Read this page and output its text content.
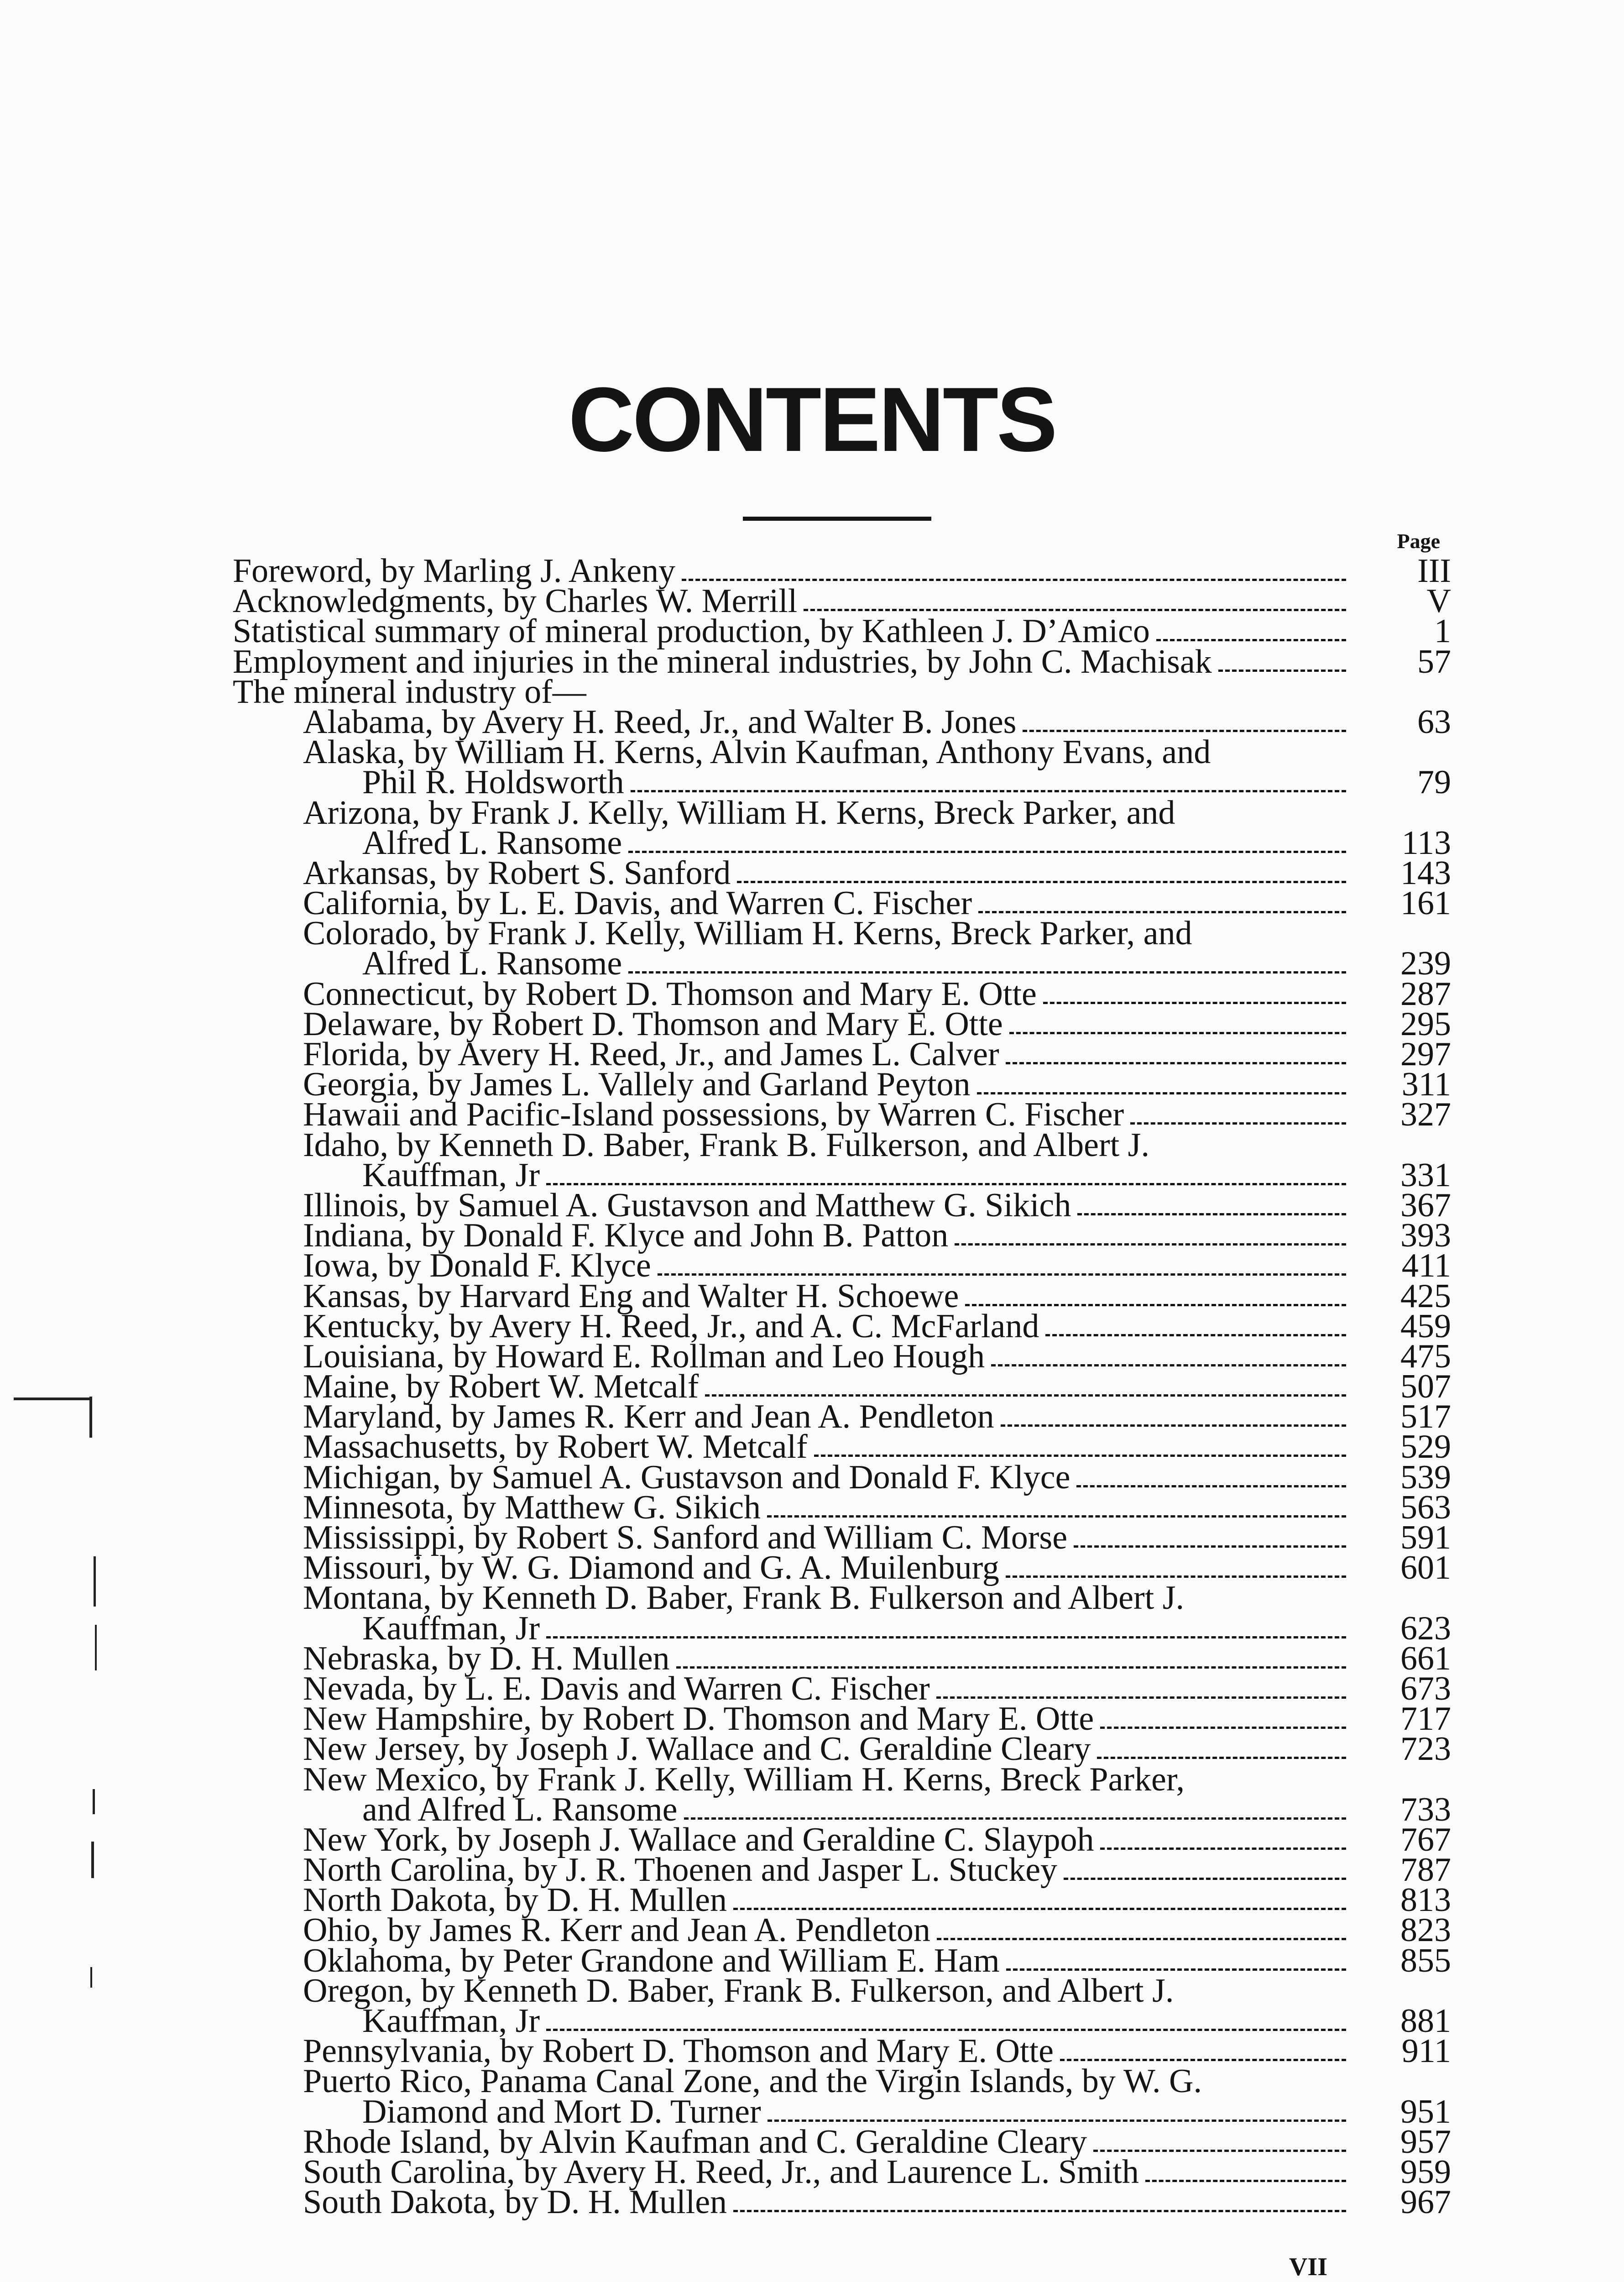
CONTENTS
Page
Foreword, by Marling J. Ankeny	III
Acknowledgments, by Charles W. Merrill	V
Statistical summary of mineral production, by Kathleen J. D’Amico	1
Employment and injuries in the mineral industries, by John C. Machisak	57
The mineral industry of—
Alabama, by Avery H. Reed, Jr., and Walter B. Jones	63
Alaska, by William H. Kerns, Alvin Kaufman, Anthony Evans, and
Phil R. Holdsworth	79
Arizona, by Frank J. Kelly, William H. Kerns, Breck Parker, and
Alfred L. Ransome	113
Arkansas, by Robert S. Sanford	143
California, by L. E. Davis, and Warren C. Fischer	161
Colorado, by Frank J. Kelly, William H. Kerns, Breck Parker, and
Alfred L. Ransome	239
Connecticut, by Robert D. Thomson and Mary E. Otte	287
Delaware, by Robert D. Thomson and Mary E. Otte	295
Florida, by Avery H. Reed, Jr., and James L. Calver	297
Georgia, by James L. Vallely and Garland Peyton	311
Hawaii and Pacific-Island possessions, by Warren C. Fischer	327
Idaho, by Kenneth D. Baber, Frank B. Fulkerson, and Albert J.
Kauffman, Jr	331
Illinois, by Samuel A. Gustavson and Matthew G. Sikich	367
Indiana, by Donald F. Klyce and John B. Patton	393
Iowa, by Donald F. Klyce	411
Kansas, by Harvard Eng and Walter H. Schoewe	425
Kentucky, by Avery H. Reed, Jr., and A. C. McFarland	459
Louisiana, by Howard E. Rollman and Leo Hough	475
Maine, by Robert W. Metcalf	507
Maryland, by James R. Kerr and Jean A. Pendleton	517
Massachusetts, by Robert W. Metcalf	529
Michigan, by Samuel A. Gustavson and Donald F. Klyce	539
Minnesota, by Matthew G. Sikich	563
Mississippi, by Robert S. Sanford and William C. Morse	591
Missouri, by W. G. Diamond and G. A. Muilenburg	601
Montana, by Kenneth D. Baber, Frank B. Fulkerson and Albert J.
Kauffman, Jr	623
Nebraska, by D. H. Mullen	661
Nevada, by L. E. Davis and Warren C. Fischer	673
New Hampshire, by Robert D. Thomson and Mary E. Otte	717
New Jersey, by Joseph J. Wallace and C. Geraldine Cleary	723
New Mexico, by Frank J. Kelly, William H. Kerns, Breck Parker,
and Alfred L. Ransome	733
New York, by Joseph J. Wallace and Geraldine C. Slaypoh	767
North Carolina, by J. R. Thoenen and Jasper L. Stuckey	787
North Dakota, by D. H. Mullen	813
Ohio, by James R. Kerr and Jean A. Pendleton	823
Oklahoma, by Peter Grandone and William E. Ham	855
Oregon, by Kenneth D. Baber, Frank B. Fulkerson, and Albert J.
Kauffman, Jr	881
Pennsylvania, by Robert D. Thomson and Mary E. Otte	911
Puerto Rico, Panama Canal Zone, and the Virgin Islands, by W. G.
Diamond and Mort D. Turner	951
Rhode Island, by Alvin Kaufman and C. Geraldine Cleary	957
South Carolina, by Avery H. Reed, Jr., and Laurence L. Smith	959
South Dakota, by D. H. Mullen	967
VII
